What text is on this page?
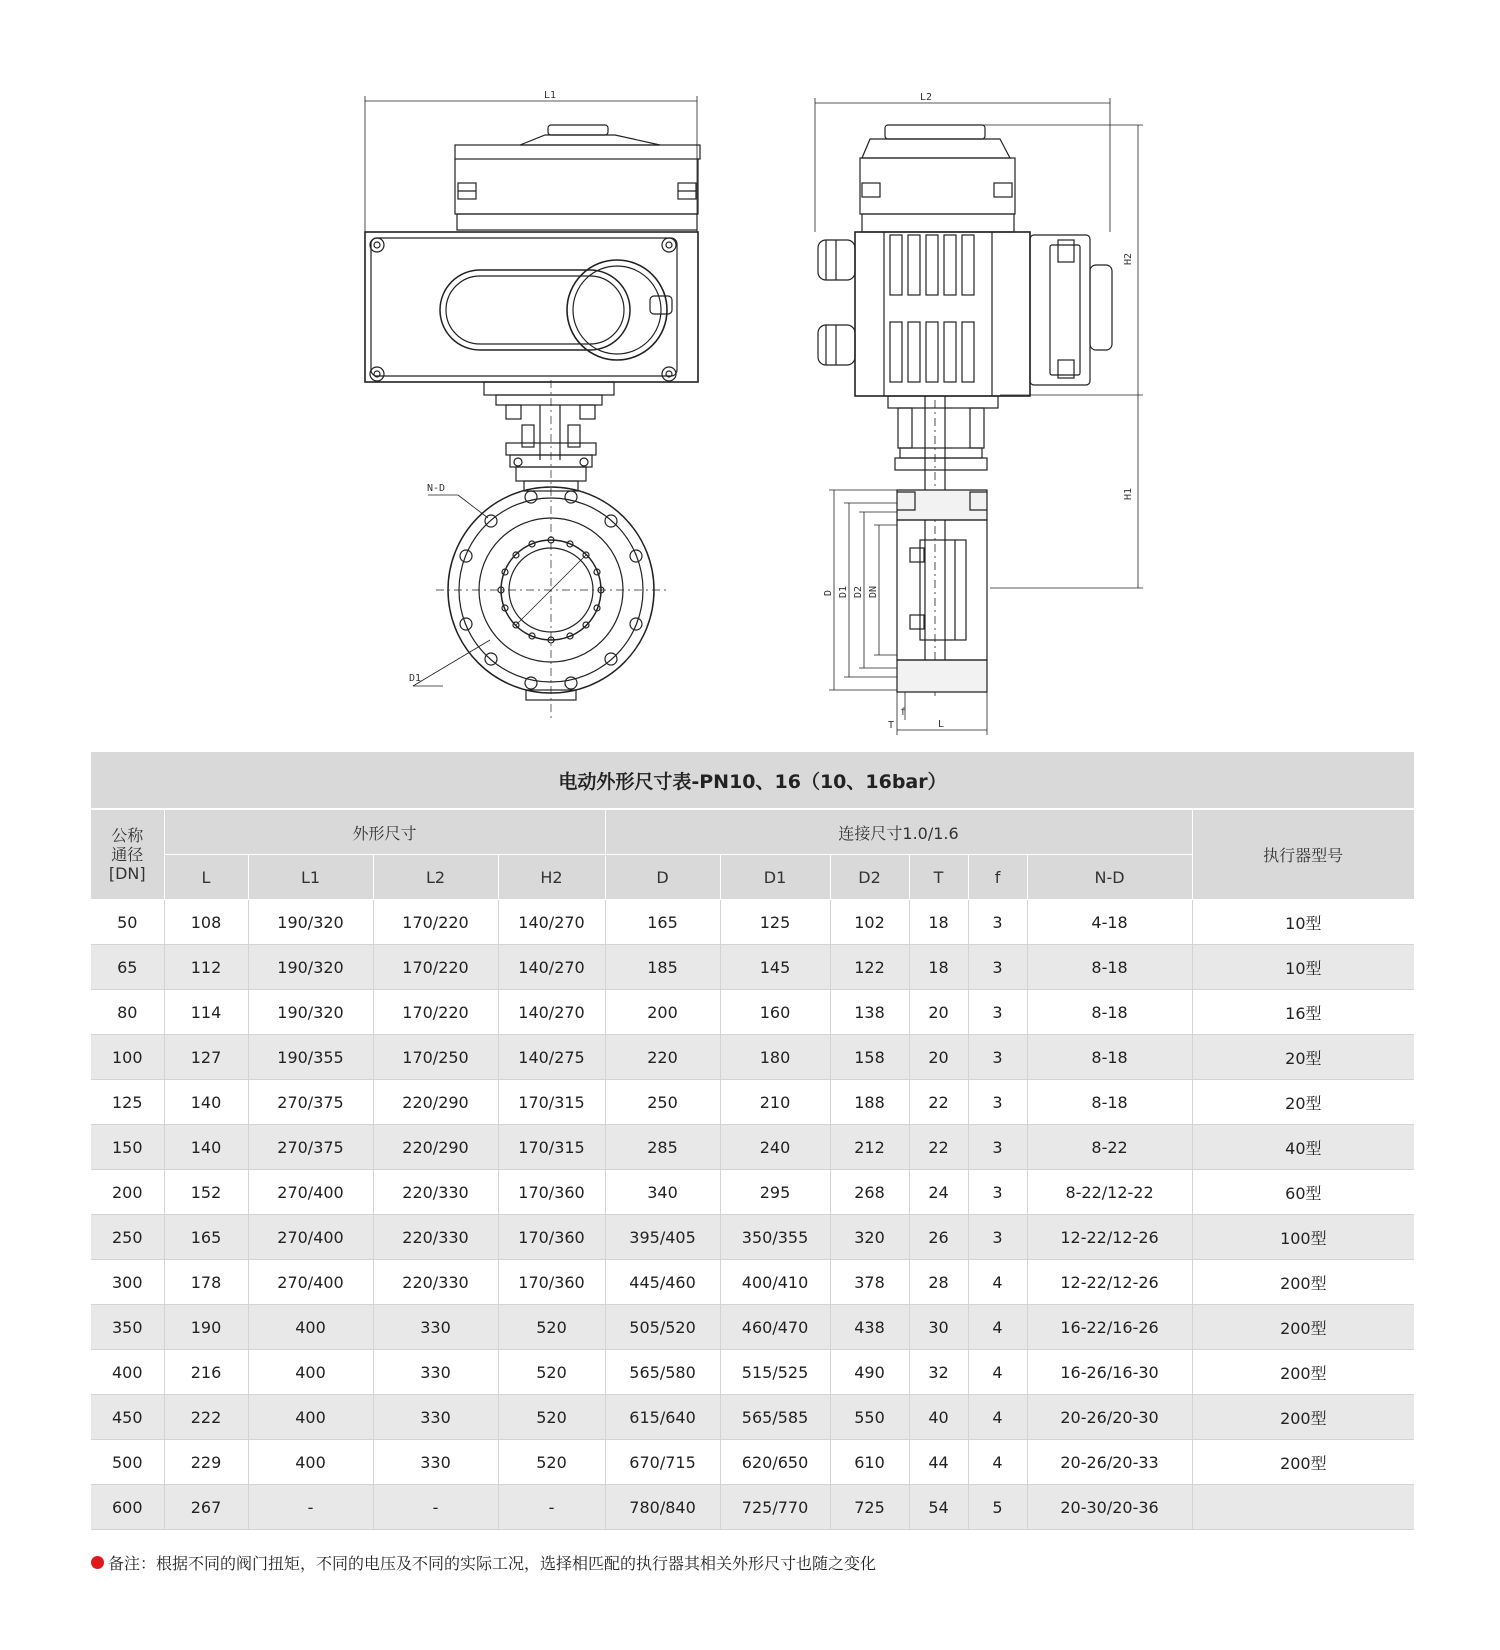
L1	L2
H2
H1
N-D
D1
D D1 D2 DN
f
T	L
电动外形尺寸表-PN10、16（10、16bar）
公称
通径
[DN]	外形尺寸				连接尺寸1.0/1.6						执行器型号
	L	L1	L2	H2	D	D1	D2	T	f	N-D	
50	108	190/320	170/220	140/270	165	125	102	18	3	4-18	10型
65	112	190/320	170/220	140/270	185	145	122	18	3	8-18	10型
80	114	190/320	170/220	140/270	200	160	138	20	3	8-18	16型
100	127	190/355	170/250	140/275	220	180	158	20	3	8-18	20型
125	140	270/375	220/290	170/315	250	210	188	22	3	8-18	20型
150	140	270/375	220/290	170/315	285	240	212	22	3	8-22	40型
200	152	270/400	220/330	170/360	340	295	268	24	3	8-22/12-22	60型
250	165	270/400	220/330	170/360	395/405	350/355	320	26	3	12-22/12-26	100型
300	178	270/400	220/330	170/360	445/460	400/410	378	28	4	12-22/12-26	200型
350	190	400	330	520	505/520	460/470	438	30	4	16-22/16-26	200型
400	216	400	330	520	565/580	515/525	490	32	4	16-26/16-30	200型
450	222	400	330	520	615/640	565/585	550	40	4	20-26/20-30	200型
500	229	400	330	520	670/715	620/650	610	44	4	20-26/20-33	200型
600	267	-	-	-	780/840	725/770	725	54	5	20-30/20-36	
备注：根据不同的阀门扭矩，不同的电压及不同的实际工况，选择相匹配的执行器其相关外形尺寸也随之变化
